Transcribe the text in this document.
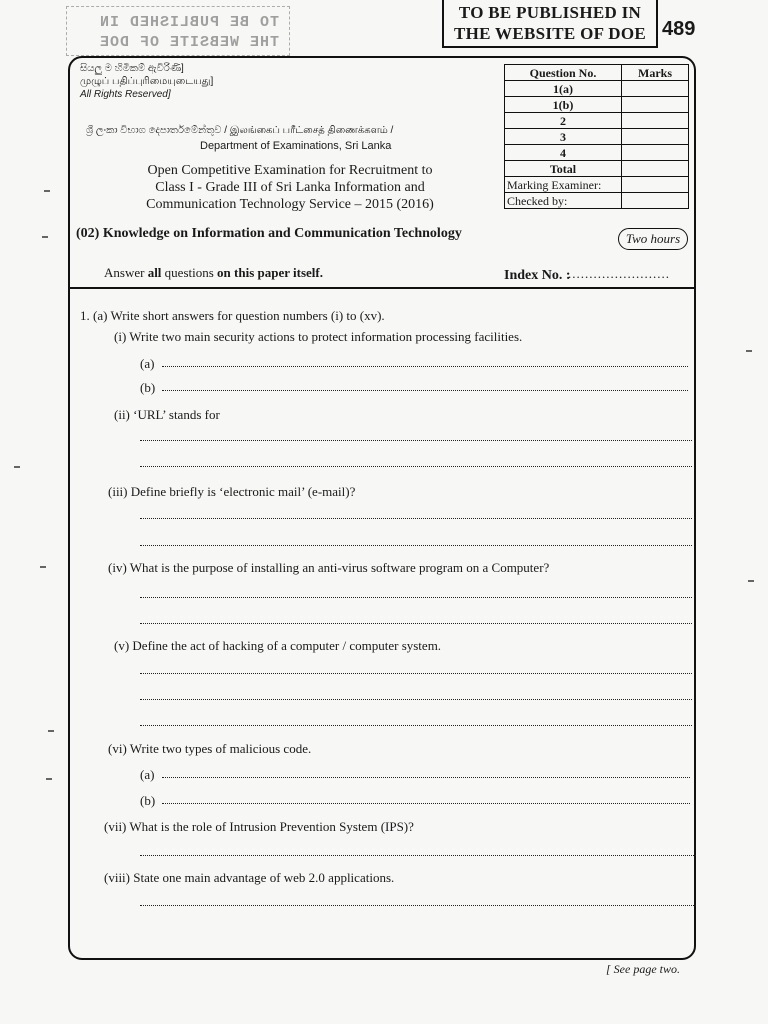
TO BE PUBLISHED IN
THE WEBSITE OF DOE
TO BE PUBLISHED IN
THE WEBSITE OF DOE 489
සියලු ම හිමිකම් ඇවිරිණි]
முழுப் பதிப்புரிமையுடையது]
All Rights Reserved]
Question No.	Marks
1(a)	
1(b)	
2	
3	
4	
Total	
Marking Examiner:	
Checked by:	
ශ්‍රී ලංකා විභාග දෙපාර්තමේන්තුව / இலங்கைப் பரீட்சைத் திணைக்களம் /
Department of Examinations, Sri Lanka
Open Competitive Examination for Recruitment to
Class I - Grade III of Sri Lanka Information and
Communication Technology Service – 2015 (2016)
(02) Knowledge on Information and Communication Technology	Two hours
Answer all questions on this paper itself.	Index No. :
........................
1. (a) Write short answers for question numbers (i) to (xv).
(i) Write two main security actions to protect information processing facilities.
(a)
(b)
(ii) ‘URL’ stands for
(iii) Define briefly is ‘electronic mail’ (e-mail)?
(iv) What is the purpose of installing an anti-virus software program on a Computer?
(v) Define the act of hacking of a computer / computer system.
(vi) Write two types of malicious code.
(a)
(b)
(vii) What is the role of Intrusion Prevention System (IPS)?
(viii) State one main advantage of web 2.0 applications.
[ See page two.
